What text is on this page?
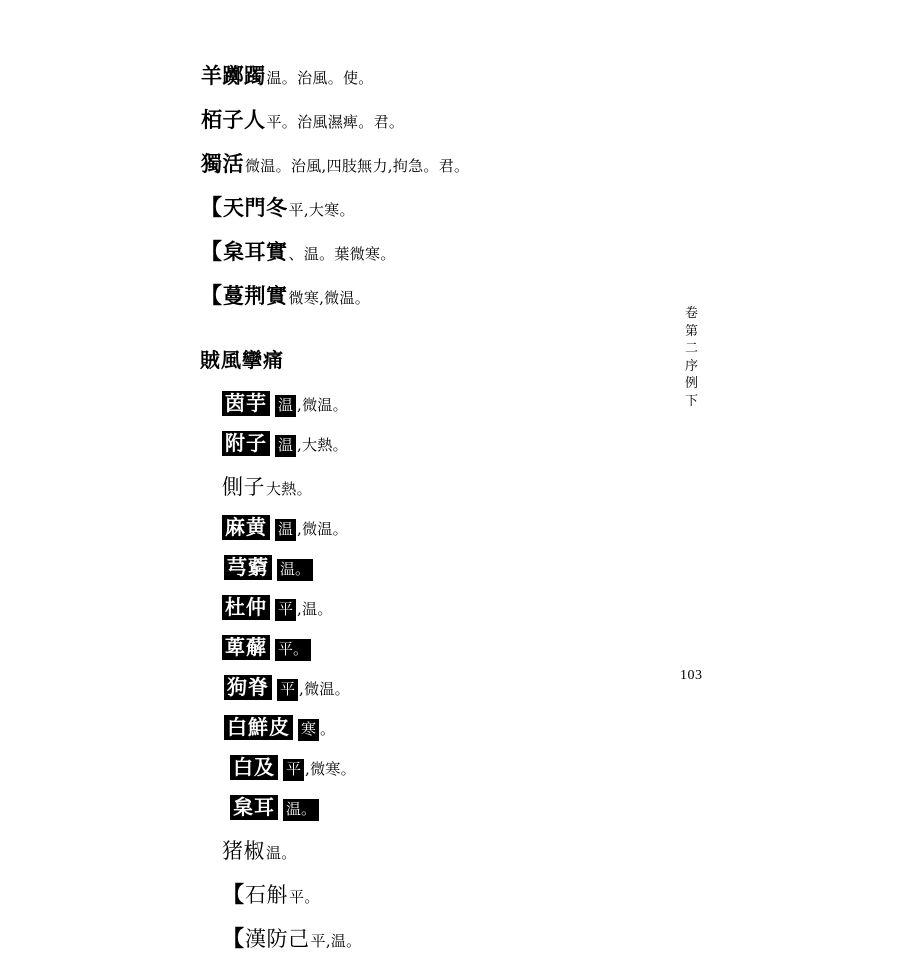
羊躑躅 温。治風。使。
栢子人 平。治風濕痺。君。
獨活 微温。治風,四肢無力,拘急。君。
【 天門冬 平,大寒。
【 枲耳實 、温。葉微寒。
【 蔓荆實 微寒,微温。
賊風攣痛
茵芋 温 ,微温。
附子 温 ,大熱。
側子 大熱。
麻黄 温 ,微温。
芎藭 温。
杜仲 平 ,温。
萆薢 平。
狗脊 平 ,微温。
白鮮皮 寒 。
白及 平 ,微寒。
枲耳 温。
猪椒 温。
【 石斛 平。
【 漢防己 平,温。
卷第二
序例下
103
